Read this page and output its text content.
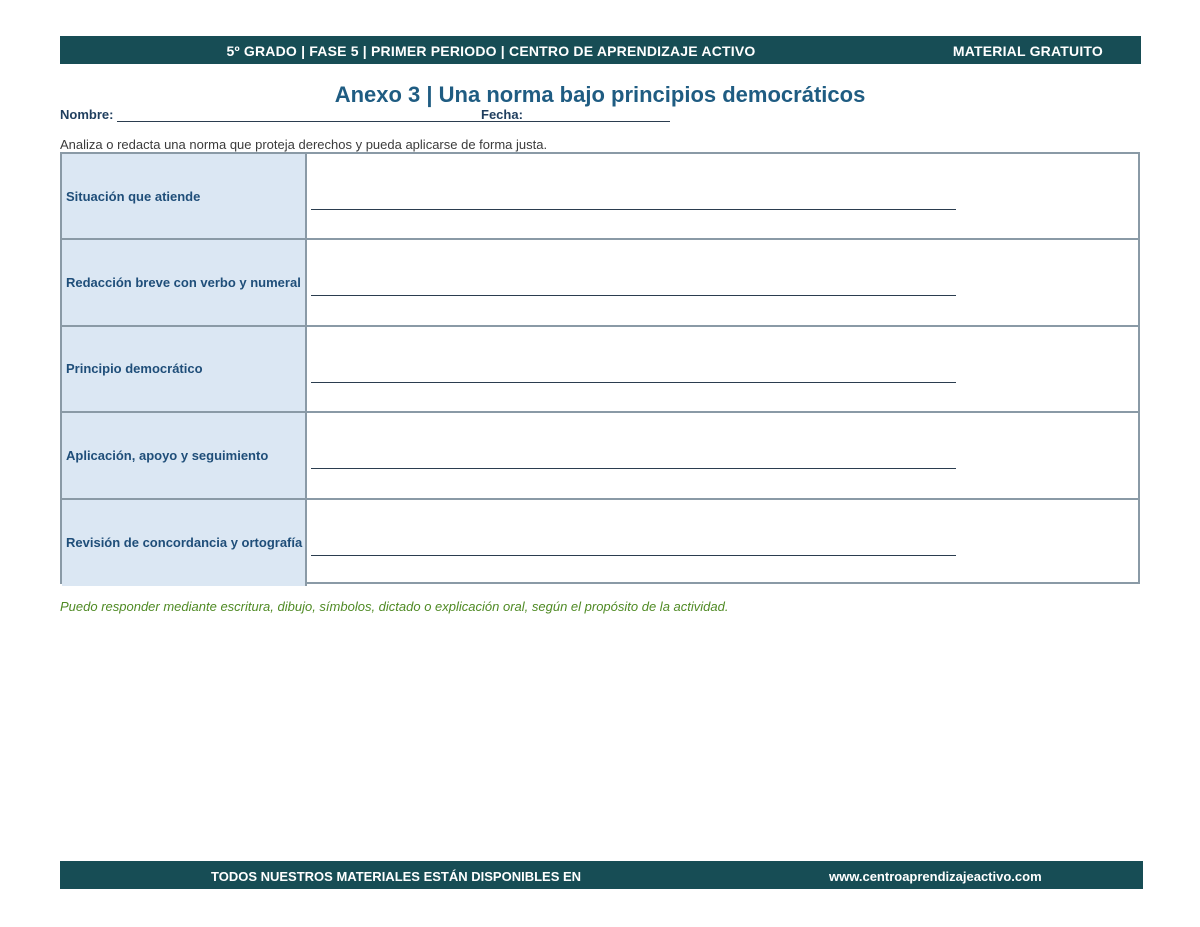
5º GRADO | FASE 5 | PRIMER PERIODO | CENTRO DE APRENDIZAJE ACTIVO	MATERIAL GRATUITO
Anexo 3 | Una norma bajo principios democráticos
Nombre:	Fecha:
Analiza o redacta una norma que proteja derechos y pueda aplicarse de forma justa.
Situación que atiende
Redacción breve con verbo y numeral
Principio democrático
Aplicación, apoyo y seguimiento
Revisión de concordancia y ortografía
Puedo responder mediante escritura, dibujo, símbolos, dictado o explicación oral, según el propósito de la actividad.
TODOS NUESTROS MATERIALES ESTÁN DISPONIBLES EN	www.centroaprendizajeactivo.com
